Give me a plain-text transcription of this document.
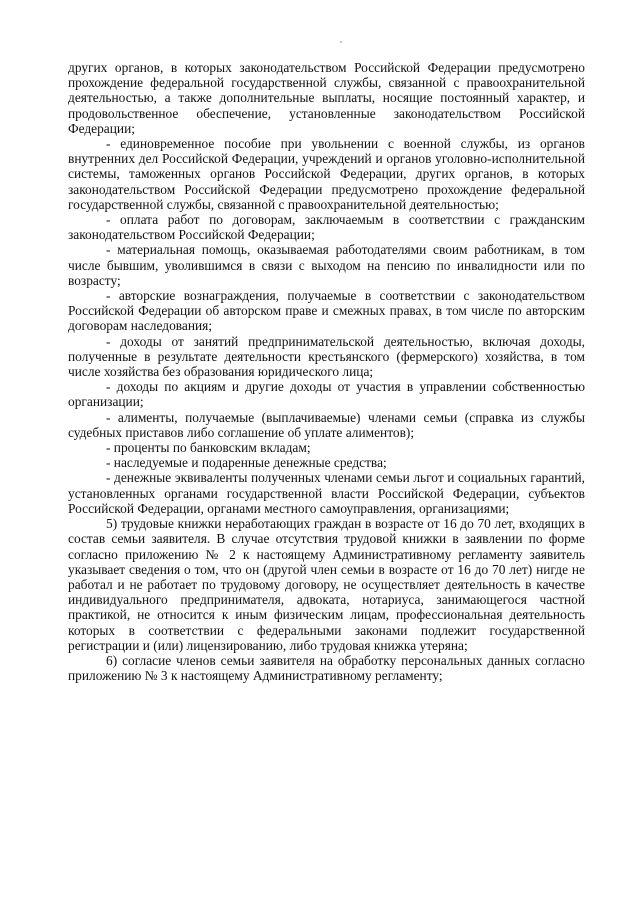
других органов, в которых законодательством Российской Федерации предусмотрено прохождение федеральной государственной службы, связанной с правоохранительной деятельностью, а также дополнительные выплаты, носящие постоянный характер, и продовольственное обеспечение, установленные законодательством Российской Федерации;

- единовременное пособие при увольнении с военной службы, из органов внутренних дел Российской Федерации, учреждений и органов уголовно-исполнительной системы, таможенных органов Российской Федерации, других органов, в которых законодательством Российской Федерации предусмотрено прохождение федеральной государственной службы, связанной с правоохранительной деятельностью;

- оплата работ по договорам, заключаемым в соответствии с гражданским законодательством Российской Федерации;

- материальная помощь, оказываемая работодателями своим работникам, в том числе бывшим, уволившимся в связи с выходом на пенсию по инвалидности или по возрасту;

- авторские вознаграждения, получаемые в соответствии с законодательством Российской Федерации об авторском праве и смежных правах, в том числе по авторским договорам наследования;

- доходы от занятий предпринимательской деятельностью, включая доходы, полученные в результате деятельности крестьянского (фермерского) хозяйства, в том числе хозяйства без образования юридического лица;

- доходы по акциям и другие доходы от участия в управлении собственностью организации;

- алименты, получаемые (выплачиваемые) членами семьи (справка из службы судебных приставов либо соглашение об уплате алиментов);

- проценты по банковским вкладам;

- наследуемые и подаренные денежные средства;

- денежные эквиваленты полученных членами семьи льгот и социальных гарантий, установленных органами государственной власти Российской Федерации, субъектов Российской Федерации, органами местного самоуправления, организациями;

5) трудовые книжки неработающих граждан в возрасте от 16 до 70 лет, входящих в состав семьи заявителя. В случае отсутствия трудовой книжки в заявлении по форме согласно приложению № 2 к настоящему Административному регламенту заявитель указывает сведения о том, что он (другой член семьи в возрасте от 16 до 70 лет) нигде не работал и не работает по трудовому договору, не осуществляет деятельность в качестве индивидуального предпринимателя, адвоката, нотариуса, занимающегося частной практикой, не относится к иным физическим лицам, профессиональная деятельность которых в соответствии с федеральными законами подлежит государственной регистрации и (или) лицензированию, либо трудовая книжка утеряна;

6) согласие членов семьи заявителя на обработку персональных данных согласно приложению № 3 к настоящему Административному регламенту;
